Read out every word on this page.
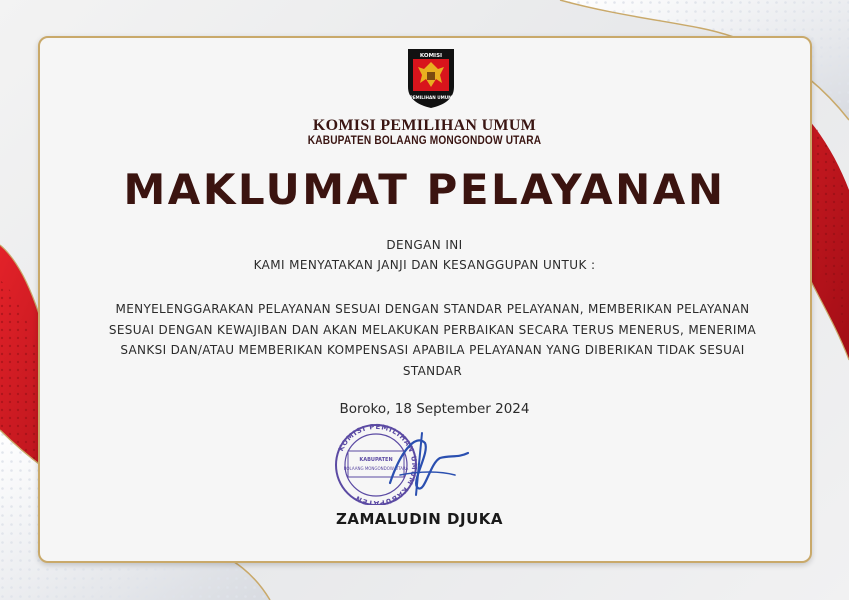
KOMISI
PEMILIHAN UMUM
KOMISI PEMILIHAN UMUM
KABUPATEN BOLAANG MONGONDOW UTARA
MAKLUMAT PELAYANAN
DENGAN INI
KAMI MENYATAKAN JANJI DAN KESANGGUPAN UNTUK :
MENYELENGGARAKAN PELAYANAN SESUAI DENGAN STANDAR PELAYANAN, MEMBERIKAN PELAYANAN SESUAI DENGAN KEWAJIBAN DAN AKAN MELAKUKAN PERBAIKAN SECARA TERUS MENERUS, MENERIMA SANKSI DAN/ATAU MEMBERIKAN KOMPENSASI APABILA PELAYANAN YANG DIBERIKAN TIDAK SESUAI STANDAR
Boroko, 18 September 2024
KOMISI PEMILIHAN UMUM KABUPATEN
KABUPATEN
BOLAANG MONGONDOW UTARA
ZAMALUDIN DJUKA
